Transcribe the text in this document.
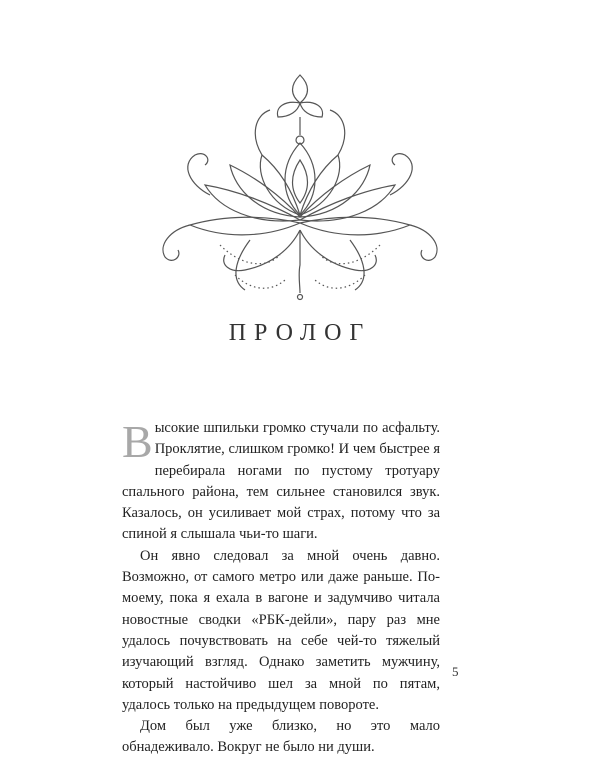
ПРОЛОГ

Высокие шпильки громко стучали по асфальту. Проклятие, слишком громко! И чем быстрее я перебирала ногами по пустому тротуару спального района, тем сильнее становился звук. Казалось, он усиливает мой страх, потому что за спиной я слышала чьи-то шаги.

Он явно следовал за мной очень давно. Возможно, от самого метро или даже раньше. По-моему, пока я ехала в вагоне и задумчиво читала новостные сводки «РБК-дейли», пару раз мне удалось почувствовать на себе чей-то тяжелый изучающий взгляд. Однако заметить мужчину, который настойчиво шел за мной по пятам, удалось только на предыдущем повороте.

Дом был уже близко, но это мало обнадеживало. Вокруг не было ни души.

5
